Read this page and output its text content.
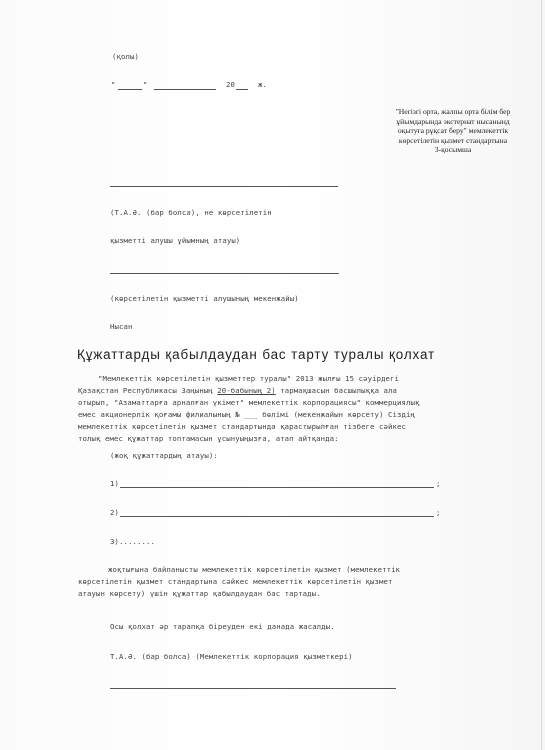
(қолы)
"	"	20	ж.
"Негізгі орта, жалпы орта білім бер
ұйымдарында экстернат нысанынд
оқытуға рұқсат беру" мемлекеттік
көрсетілетін қызмет стандартына
3-қосымша
(Т.А.Ә. (бар болса), не көрсетілетін
қызметті алушы ұйымның атауы)
(көрсетілетін қызметті алушының мекенжайы)
Нысан
Құжаттарды қабылдаудан бас тарту туралы қолхат
"Мемлекеттік көрсетілетін қызметтер туралы" 2013 жылғы 15 сәуірдегі
Қазақстан Республикасы Заңының 20-бабының 2) тармақшасын басшылыққа ала
отырып, "Азаматтарға арналған үкімет" мемлекеттік корпорациясы" коммерциялық
емес акционерлік қоғамы филиалының № ___ бөлімі (мекенжайын көрсету) Сіздің
мемлекеттік көрсетілетін қызмет стандартында қарастырылған тізбеге сәйкес
толық емес құжаттар топтамасын ұсынуыңызға, атап айтқанда:
(жоқ құжаттардың атауы):
1)	;
2)	;
3)........
жоқтығына байланысты мемлекеттік көрсетілетін қызмет (мемлекеттік
көрсетілетін қызмет стандартына сәйкес мемлекеттік көрсетілетін қызмет
атауын көрсету) үшін құжаттар қабылдаудан бас тартады.
Осы қолхат әр тарапқа біреуден екі данада жасалды.
Т.А.Ә. (бар болса) (Мемлекеттік корпорация қызметкері)
